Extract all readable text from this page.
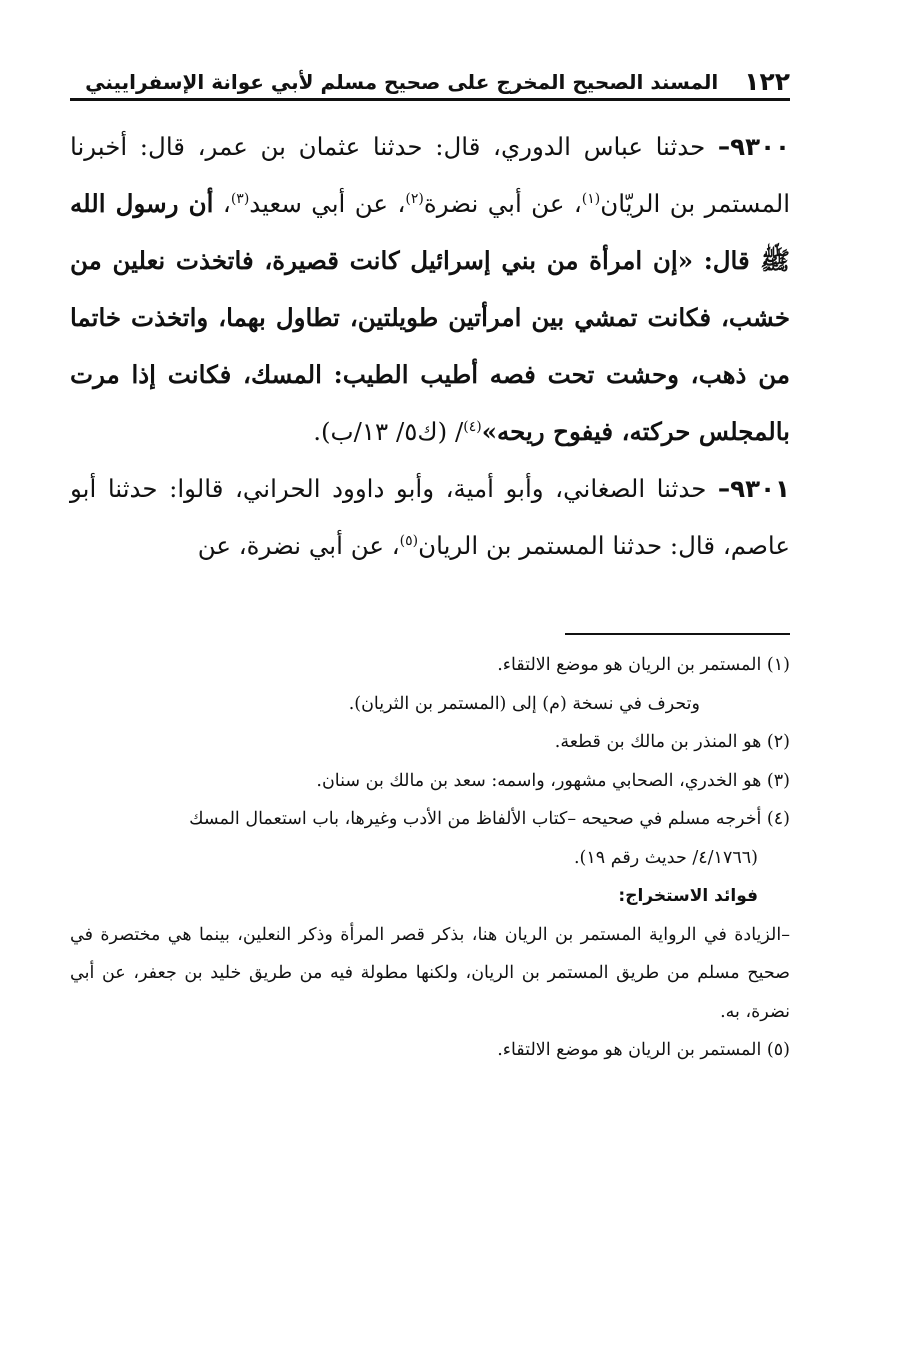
١٢٢
المسند الصحيح المخرج على صحيح مسلم لأبي عوانة الإسفراييني

٩٣٠٠– حدثنا عباس الدوري، قال: حدثنا عثمان بن عمر، قال: أخبرنا المستمر بن الريّان$^{(١)}$، عن أبي نضرة$^{(٢)}$، عن أبي سعيد$^{(٣)}$، أن رسول الله ﷺ قال: «إن امرأة من بني إسرائيل كانت قصيرة، فاتخذت نعلين من خشب، فكانت تمشي بين امرأتين طويلتين، تطاول بهما، واتخذت خاتما من ذهب، وحشت تحت فصه أطيب الطيب: المسك، فكانت إذا مرت بالمجلس حركته، فيفوح ريحه»$^{(٤)}$/ (ك٥/ ١٣/ب).

٩٣٠١– حدثنا الصغاني، وأبو أمية، وأبو داوود الحراني، قالوا: حدثنا أبو عاصم، قال: حدثنا المستمر بن الريان$^{(٥)}$، عن أبي نضرة، عن

(١) المستمر بن الريان هو موضع الالتقاء.

وتحرف في نسخة (م) إلى (المستمر بن الثريان).

(٢) هو المنذر بن مالك بن قطعة.

(٣) هو الخدري، الصحابي مشهور، واسمه: سعد بن مالك بن سنان.

(٤) أخرجه مسلم في صحيحه –كتاب الألفاظ من الأدب وغيرها، باب استعمال المسك

(٤/١٧٦٦/ حديث رقم ١٩).

فوائد الاستخراج:

–الزيادة في الرواية المستمر بن الريان هنا، بذكر قصر المرأة وذكر النعلين، بينما هي مختصرة في صحيح مسلم من طريق المستمر بن الريان، ولكنها مطولة فيه من طريق خليد بن جعفر، عن أبي نضرة، به.

(٥) المستمر بن الريان هو موضع الالتقاء.
